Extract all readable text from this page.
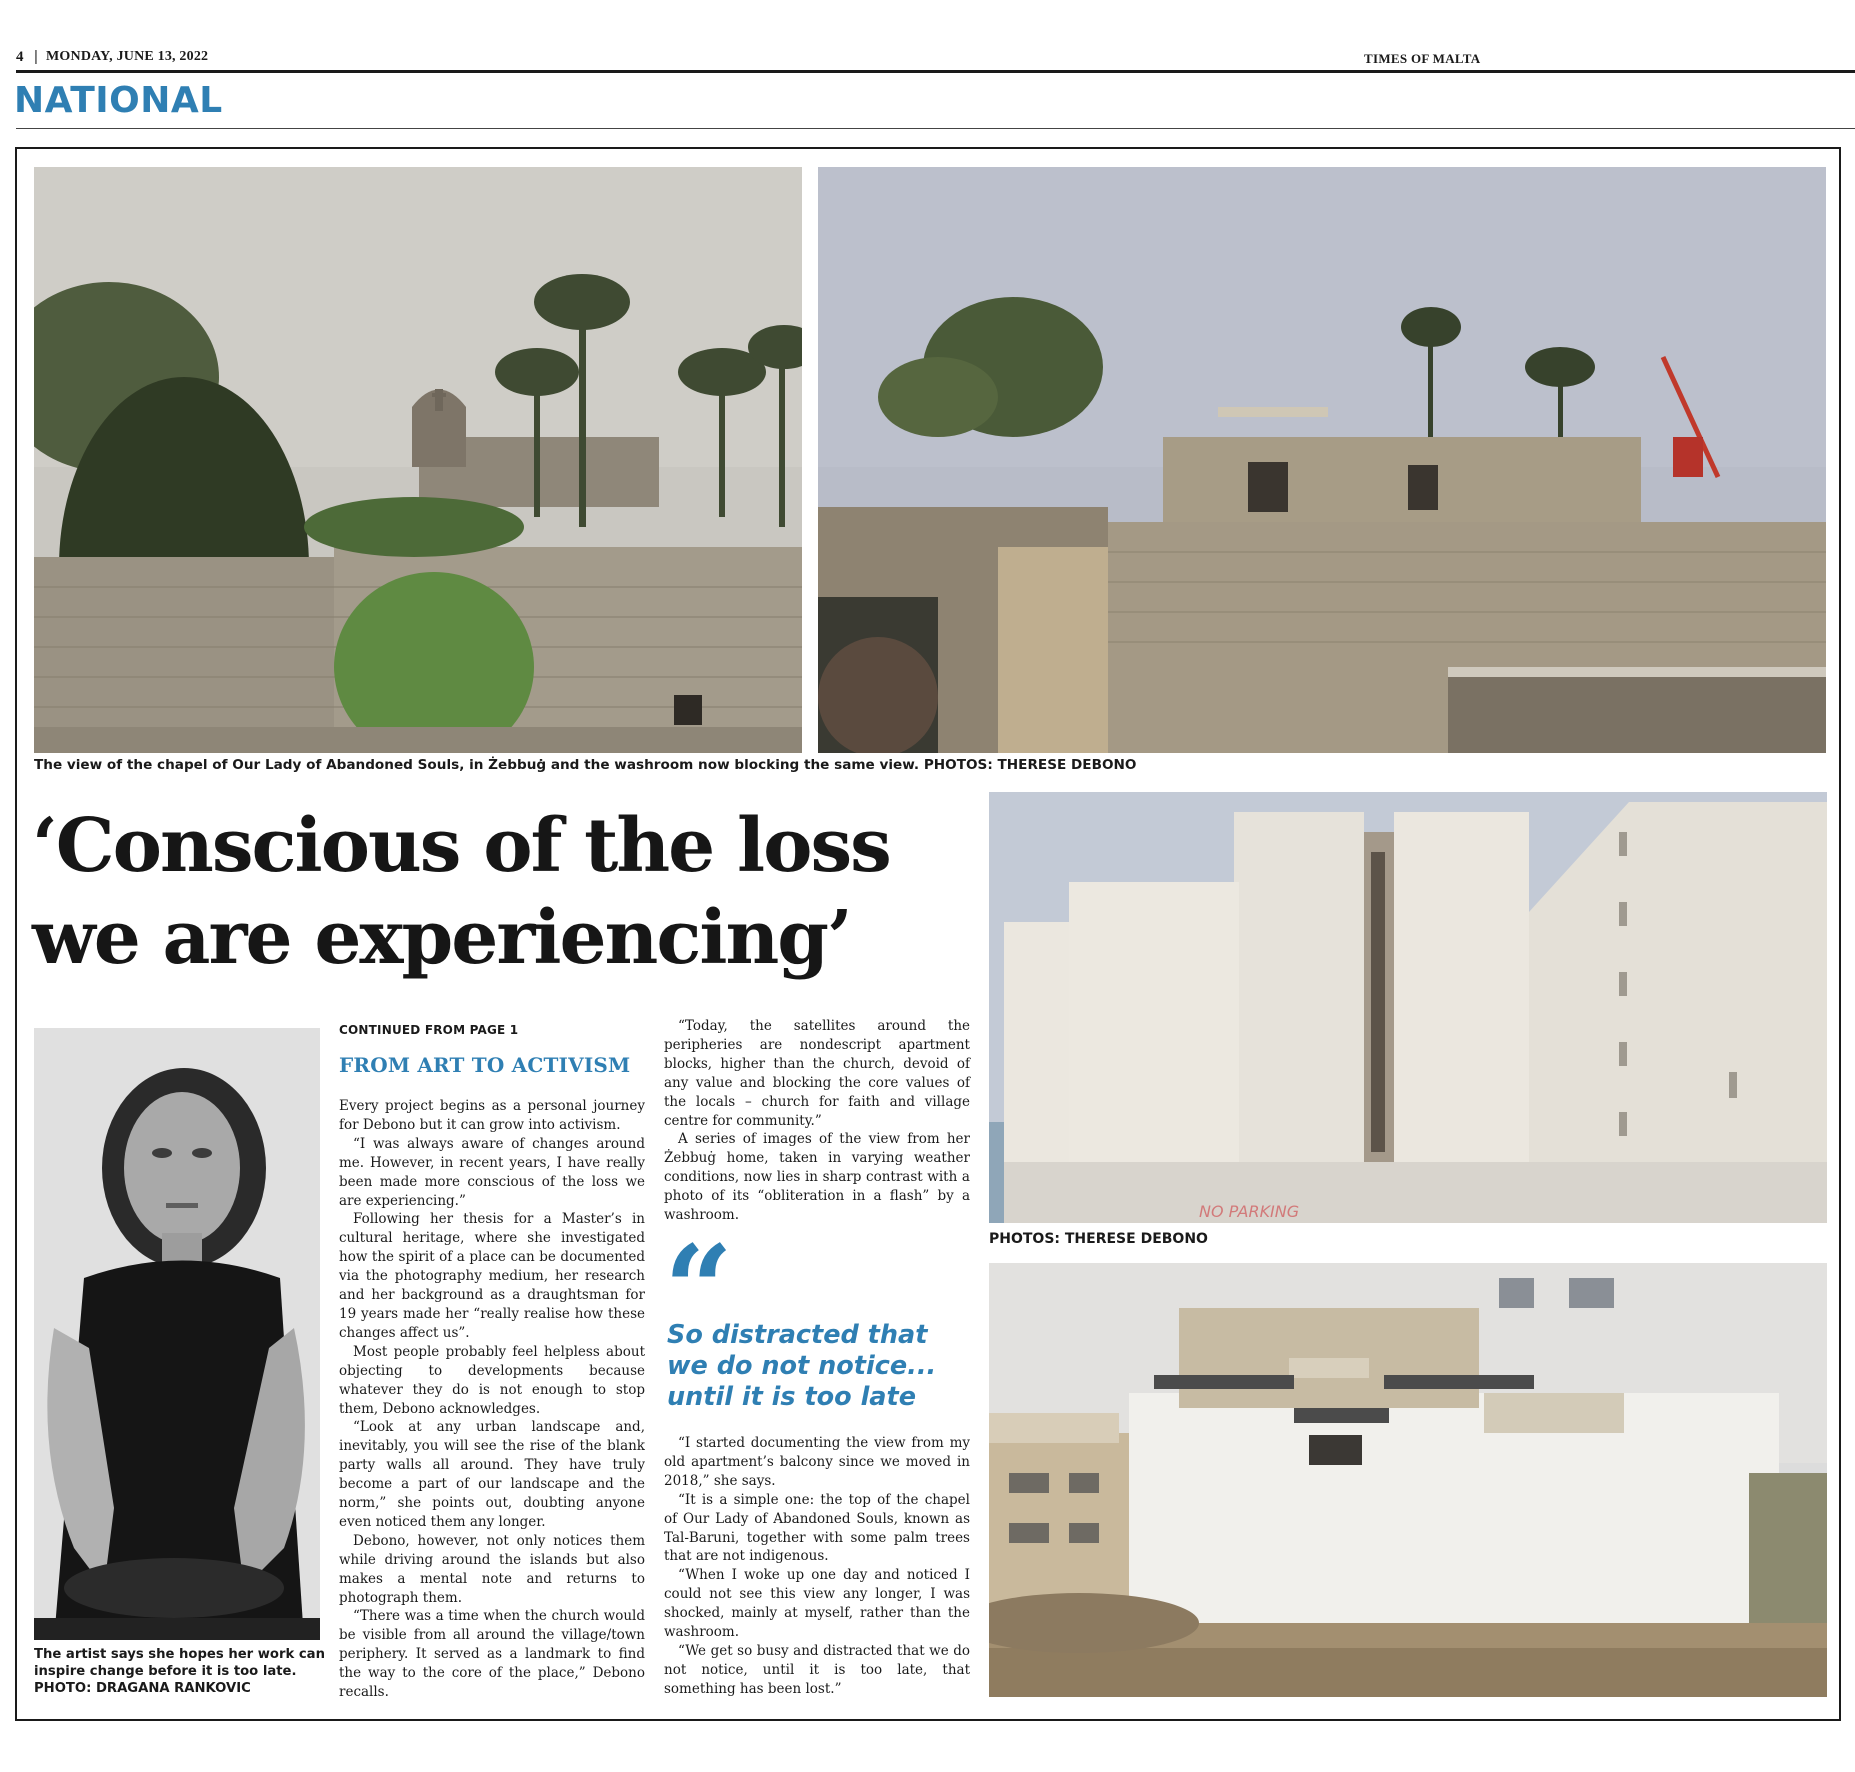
4 | MONDAY, JUNE 13, 2022	TIMES OF MALTA
NATIONAL
The view of the chapel of Our Lady of Abandoned Souls, in Żebbuġ and the washroom now blocking the same view. PHOTOS: THERESE DEBONO
NO PARKING
PHOTOS: THERESE DEBONO
‘Conscious of the loss we are experiencing’
The artist says she hopes her work can
inspire change before it is too late.
PHOTO: DRAGANA RANKOVIC
CONTINUED FROM PAGE 1
FROM ART TO ACTIVISM

Every project begins as a personal journey for Debono but it can grow into activism.

“I was always aware of changes around me. However, in recent years, I have really been made more conscious of the loss we are experiencing.”

Following her thesis for a Master’s in cultural heritage, where she investigated how the spirit of a place can be documented via the photography medium, her research and her background as a draughtsman for 19 years made her “really realise how these changes affect us”.

Most people probably feel helpless about objecting to developments because whatever they do is not enough to stop them, Debono acknowledges.

“Look at any urban landscape and, inevitably, you will see the rise of the blank party walls all around. They have truly become a part of our landscape and the norm,” she points out, doubting anyone even noticed them any longer.

Debono, however, not only notices them while driving around the islands but also makes a mental note and returns to photograph them.

“There was a time when the church would be visible from all around the village/town periphery. It served as a landmark to find the way to the core of the place,” Debono recalls.

“Today, the satellites around the peripheries are nondescript apartment blocks, higher than the church, devoid of any value and blocking the core values of the locals – church for faith and village centre for community.”

A series of images of the view from her Żebbuġ home, taken in varying weather conditions, now lies in sharp contrast with a photo of its “obliteration in a flash” by a washroom.

“
So distracted that
we do not notice...
until it is too late

“I started documenting the view from my old apartment’s balcony since we moved in 2018,” she says.

“It is a simple one: the top of the chapel of Our Lady of Abandoned Souls, known as Tal-Baruni, together with some palm trees that are not indigenous.

“When I woke up one day and noticed I could not see this view any longer, I was shocked, mainly at myself, rather than the washroom.

“We get so busy and distracted that we do not notice, until it is too late, that something has been lost.”
